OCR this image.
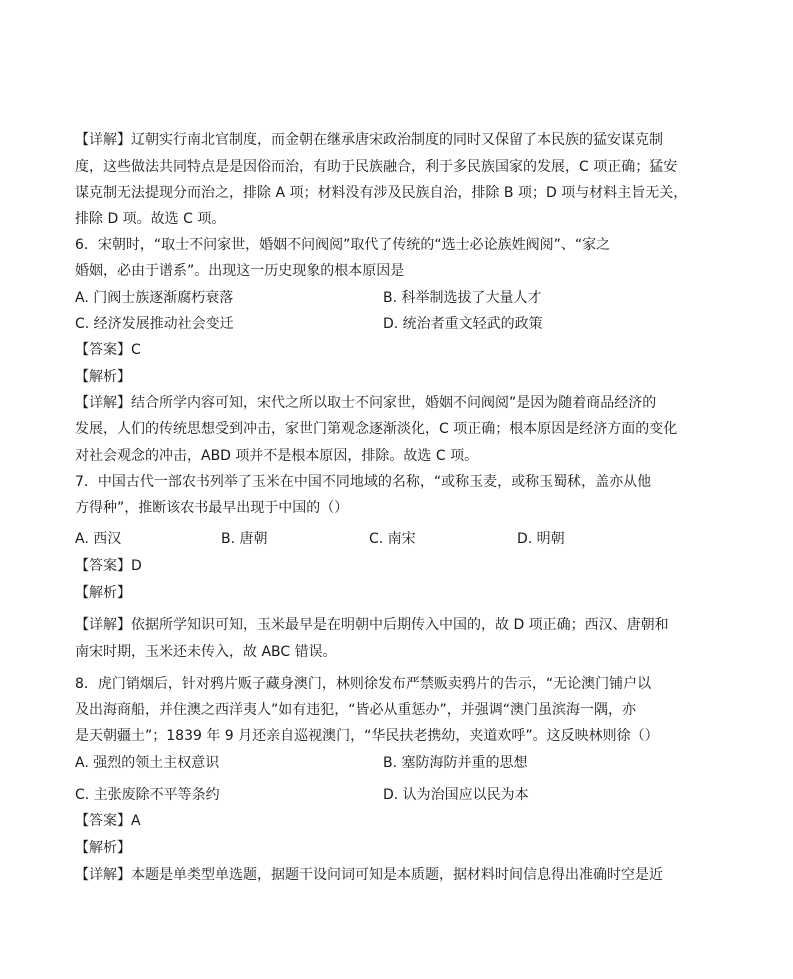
【详解】辽朝实行南北官制度，而金朝在继承唐宋政治制度的同时又保留了本民族的猛安谋克制
度，这些做法共同特点是是因俗而治，有助于民族融合，利于多民族国家的发展，C 项正确；猛安
谋克制无法提现分而治之，排除 A 项；材料没有涉及民族自治，排除 B 项；D 项与材料主旨无关，
排除 D 项。故选 C 项。
6．宋朝时，“取士不问家世，婚姻不问阀阅”取代了传统的“选士必论族姓阀阅”、“家之
婚姻，必由于谱系”。出现这一历史现象的根本原因是
A. 门阀士族逐渐腐朽衰落	B. 科举制选拔了大量人才
C. 经济发展推动社会变迁	D. 统治者重文轻武的政策
【答案】C
【解析】
【详解】结合所学内容可知，宋代之所以取士不问家世，婚姻不问阀阅”是因为随着商品经济的
发展，人们的传统思想受到冲击，家世门第观念逐渐淡化，C 项正确；根本原因是经济方面的变化
对社会观念的冲击，ABD 项并不是根本原因，排除。故选 C 项。
7．中国古代一部农书列举了玉米在中国不同地域的名称，“或称玉麦，或称玉蜀秫，盖亦从他
方得种”，推断该农书最早出现于中国的（）
A. 西汉	B. 唐朝	C. 南宋	D. 明朝
【答案】D
【解析】
【详解】依据所学知识可知，玉米最早是在明朝中后期传入中国的，故 D 项正确；西汉、唐朝和
南宋时期，玉米还未传入，故 ABC 错误。
8．虎门销烟后，针对鸦片贩子藏身澳门，林则徐发布严禁贩卖鸦片的告示，“无论澳门铺户以
及出海商船，并住澳之西洋夷人”如有违犯，“皆必从重惩办”，并强调“澳门虽滨海一隅，亦
是天朝疆土”；1839 年 9 月还亲自巡视澳门，“华民扶老携幼，夹道欢呼”。这反映林则徐（）
A. 强烈的领土主权意识	B. 塞防海防并重的思想
C. 主张废除不平等条约	D. 认为治国应以民为本
【答案】A
【解析】
【详解】本题是单类型单选题，据题干设问词可知是本质题，据材料时间信息得出准确时空是近
